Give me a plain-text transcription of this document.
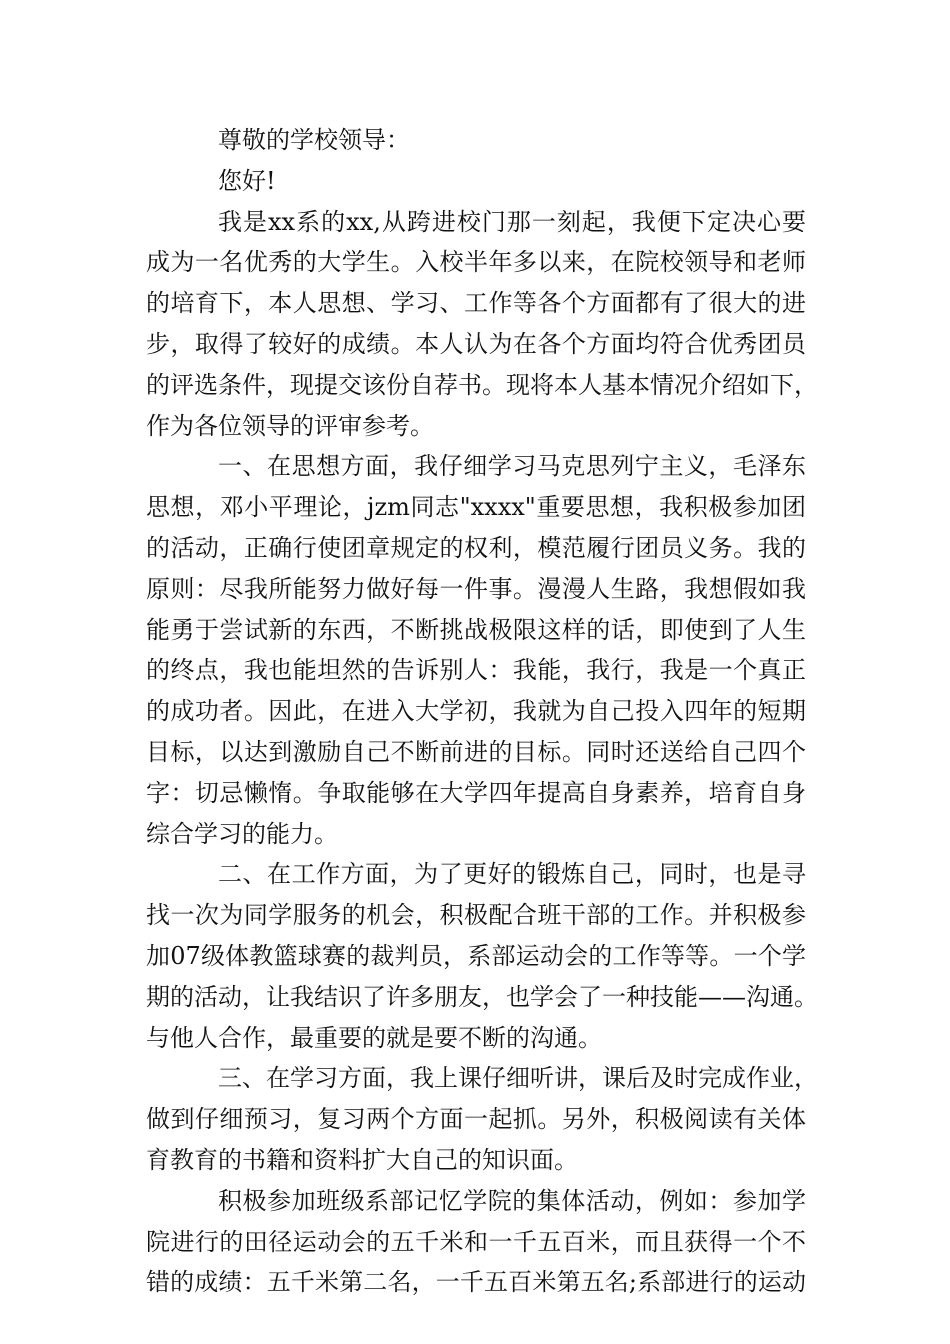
尊敬的学校领导：
您好!
我是xx系的xx,从跨进校门那一刻起，我便下定决心要
成为一名优秀的大学生。入校半年多以来，在院校领导和老师
的培育下，本人思想、学习、工作等各个方面都有了很大的进
步，取得了较好的成绩。本人认为在各个方面均符合优秀团员
的评选条件，现提交该份自荐书。现将本人基本情况介绍如下，
作为各位领导的评审参考。
一、在思想方面，我仔细学习马克思列宁主义，毛泽东
思想，邓小平理论，jzm同志"xxxx"重要思想，我积极参加团
的活动，正确行使团章规定的权利，模范履行团员义务。我的
原则：尽我所能努力做好每一件事。漫漫人生路，我想假如我
能勇于尝试新的东西，不断挑战极限这样的话，即使到了人生
的终点，我也能坦然的告诉别人：我能，我行，我是一个真正
的成功者。因此，在进入大学初，我就为自己投入四年的短期
目标，以达到激励自己不断前进的目标。同时还送给自己四个
字：切忌懒惰。争取能够在大学四年提高自身素养，培育自身
综合学习的能力。
二、在工作方面，为了更好的锻炼自己，同时，也是寻
找一次为同学服务的机会，积极配合班干部的工作。并积极参
加07级体教篮球赛的裁判员，系部运动会的工作等等。一个学
期的活动，让我结识了许多朋友，也学会了一种技能——沟通。
与他人合作，最重要的就是要不断的沟通。
三、在学习方面，我上课仔细听讲，课后及时完成作业，
做到仔细预习，复习两个方面一起抓。另外，积极阅读有关体
育教育的书籍和资料扩大自己的知识面。
积极参加班级系部记忆学院的集体活动，例如：参加学
院进行的田径运动会的五千米和一千五百米，而且获得一个不
错的成绩：五千米第二名，一千五百米第五名;系部进行的运动
